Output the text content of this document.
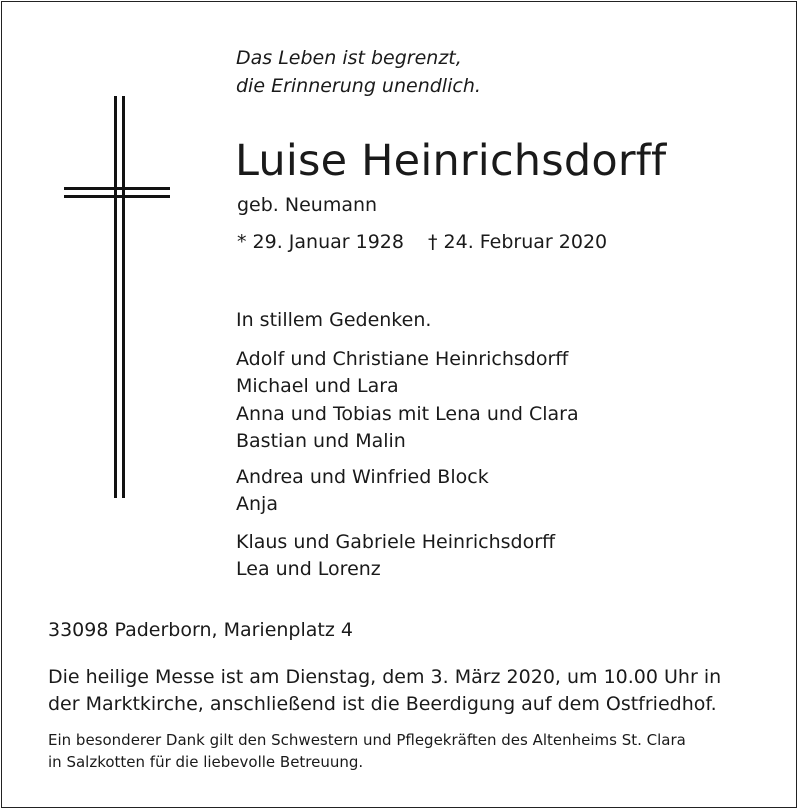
Das Leben ist begrenzt,
die Erinnerung unendlich.
Luise Heinrichsdorff
geb. Neumann
* 29. Januar 1928 † 24. Februar 2020
In stillem Gedenken.
Adolf und Christiane Heinrichsdorff
Michael und Lara
Anna und Tobias mit Lena und Clara
Bastian und Malin
Andrea und Winfried Block
Anja
Klaus und Gabriele Heinrichsdorff
Lea und Lorenz
33098 Paderborn, Marienplatz 4
Die heilige Messe ist am Dienstag, dem 3. März 2020, um 10.00 Uhr in
der Marktkirche, anschließend ist die Beerdigung auf dem Ostfriedhof.
Ein besonderer Dank gilt den Schwestern und Pflegekräften des Altenheims St. Clara
in Salzkotten für die liebevolle Betreuung.
